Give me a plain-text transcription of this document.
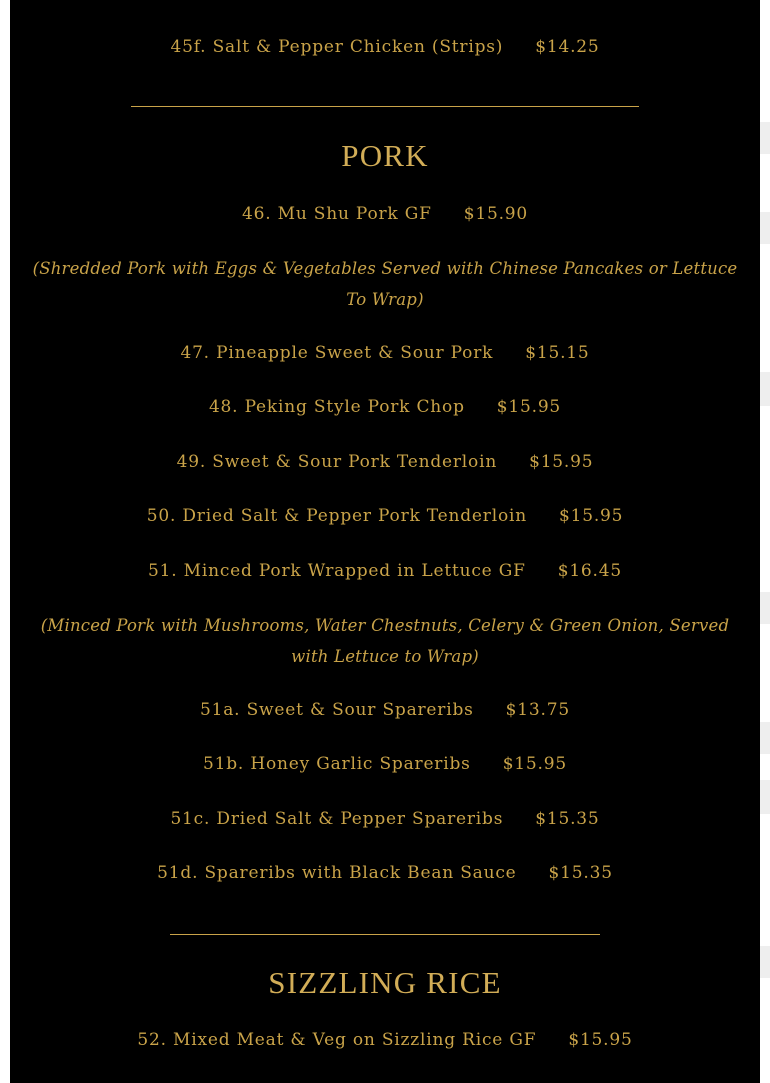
45f. Salt & Pepper Chicken (Strips) $14.25
PORK
46. Mu Shu Pork GF $15.90
(Shredded Pork with Eggs & Vegetables Served with Chinese Pancakes or Lettuce To Wrap)
47. Pineapple Sweet & Sour Pork $15.15
48. Peking Style Pork Chop $15.95
49. Sweet & Sour Pork Tenderloin $15.95
50. Dried Salt & Pepper Pork Tenderloin $15.95
51. Minced Pork Wrapped in Lettuce GF $16.45
(Minced Pork with Mushrooms, Water Chestnuts, Celery & Green Onion, Served with Lettuce to Wrap)
51a. Sweet & Sour Spareribs $13.75
51b. Honey Garlic Spareribs $15.95
51c. Dried Salt & Pepper Spareribs $15.35
51d. Spareribs with Black Bean Sauce $15.35
SIZZLING RICE
52. Mixed Meat & Veg on Sizzling Rice GF $15.95
